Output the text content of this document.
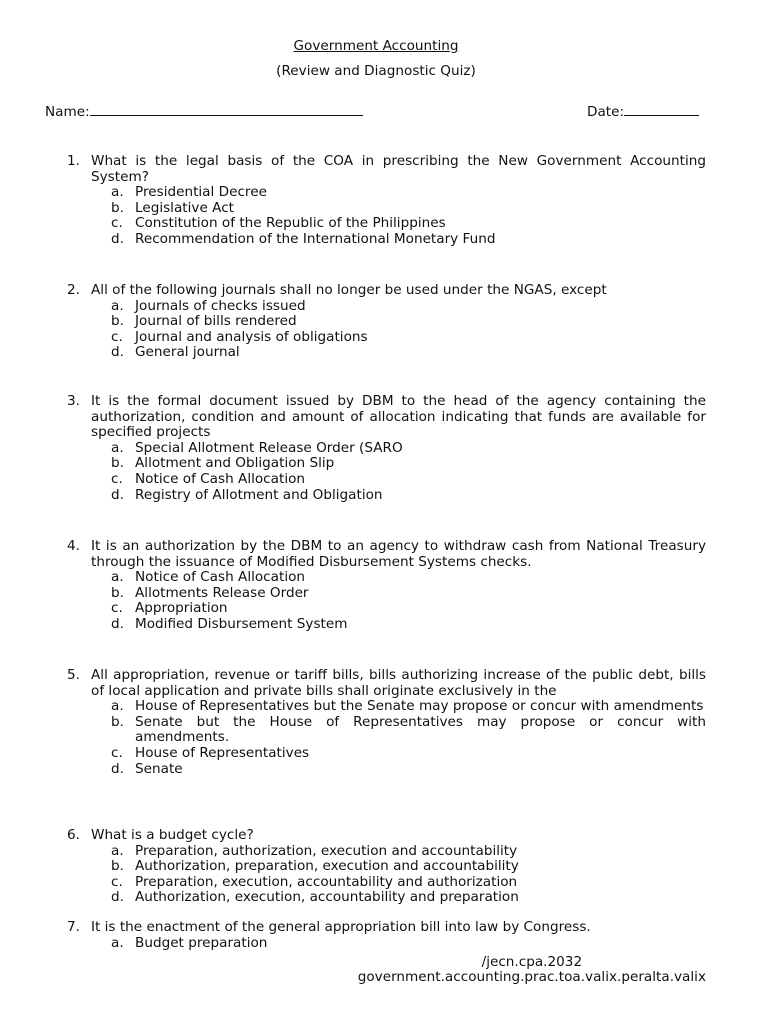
Government Accounting
(Review and Diagnostic Quiz)
Name:	Date:
1. What is the legal basis of the COA in prescribing the New Government Accounting System?
a. Presidential Decree
b. Legislative Act
c. Constitution of the Republic of the Philippines
d. Recommendation of the International Monetary Fund
2. All of the following journals shall no longer be used under the NGAS, except
a. Journals of checks issued
b. Journal of bills rendered
c. Journal and analysis of obligations
d. General journal
3. It is the formal document issued by DBM to the head of the agency containing the authorization, condition and amount of allocation indicating that funds are available for specified projects
a. Special Allotment Release Order (SARO
b. Allotment and Obligation Slip
c. Notice of Cash Allocation
d. Registry of Allotment and Obligation
4. It is an authorization by the DBM to an agency to withdraw cash from National Treasury through the issuance of Modified Disbursement Systems checks.
a. Notice of Cash Allocation
b. Allotments Release Order
c. Appropriation
d. Modified Disbursement System
5. All appropriation, revenue or tariff bills, bills authorizing increase of the public debt, bills of local application and private bills shall originate exclusively in the
a. House of Representatives but the Senate may propose or concur with amendments
b. Senate but the House of Representatives may propose or concur with amendments.
c. House of Representatives
d. Senate
6. What is a budget cycle?
a. Preparation, authorization, execution and accountability
b. Authorization, preparation, execution and accountability
c. Preparation, execution, accountability and authorization
d. Authorization, execution, accountability and preparation
7. It is the enactment of the general appropriation bill into law by Congress.
a. Budget preparation
/jecn.cpa.2032
government.accounting.prac.toa.valix.peralta.valix
